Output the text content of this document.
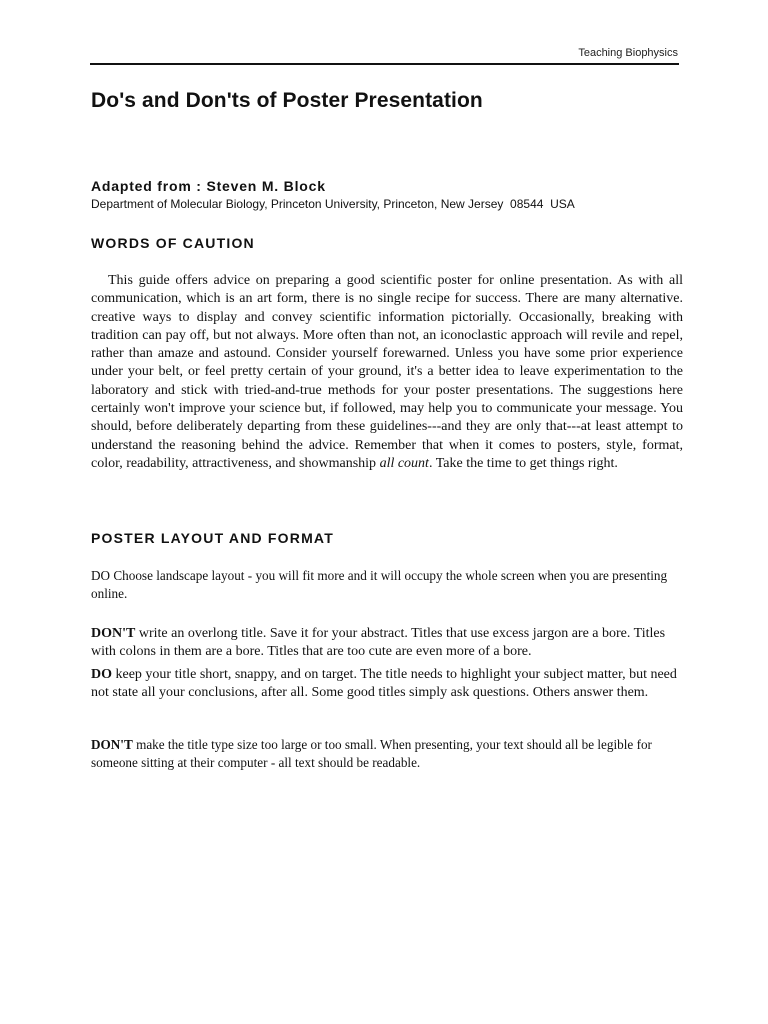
Teaching Biophysics
Do's and Don'ts of Poster Presentation
Adapted from : Steven M. Block
Department of Molecular Biology, Princeton University, Princeton, New Jersey  08544  USA
WORDS OF CAUTION

This guide offers advice on preparing a good scientific poster for online presentation. As with all communication, which is an art form, there is no single recipe for success. There are many alternative. creative ways to display and convey scientific information pictorially. Occasionally, breaking with tradition can pay off, but not always. More often than not, an iconoclastic approach will revile and repel, rather than amaze and astound. Consider yourself forewarned. Unless you have some prior experience under your belt, or feel pretty certain of your ground, it's a better idea to leave experimentation to the laboratory and stick with tried-and-true methods for your poster presentations. The suggestions here certainly won't improve your science but, if followed, may help you to communicate your message. You should, before deliberately departing from these guidelines---and they are only that---at least attempt to understand the reasoning behind the advice. Remember that when it comes to posters, style, format, color, readability, attractiveness, and showmanship all count. Take the time to get things right.

POSTER LAYOUT AND FORMAT

DO Choose landscape layout - you will fit more and it will occupy the whole screen when you are presenting online.

DON'T write an overlong title. Save it for your abstract. Titles that use excess jargon are a bore. Titles with colons in them are a bore. Titles that are too cute are even more of a bore.

DO keep your title short, snappy, and on target. The title needs to highlight your subject matter, but need not state all your conclusions, after all. Some good titles simply ask questions. Others answer them.

DON'T make the title type size too large or too small. When presenting, your text should all be legible for someone sitting at their computer - all text should be readable.
